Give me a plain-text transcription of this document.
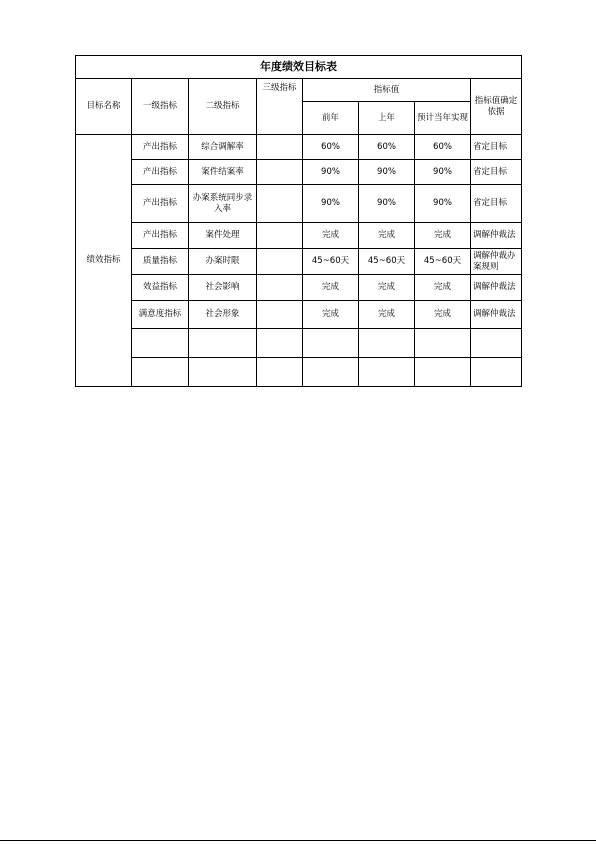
年度绩效目标表							
目标名称	一级指标	二级指标	三级指标	指标值			指标值确定依据
				前年	上年	预计当年实现	
绩效指标	产出指标	综合调解率		60%	60%	60%	省定目标
	产出指标	案件结案率		90%	90%	90%	省定目标
	产出指标	办案系统同步录入率		90%	90%	90%	省定目标
	产出指标	案件处理		完成	完成	完成	调解仲裁法
	质量指标	办案时限		45~60天	45~60天	45~60天	调解仲裁办案规则
	效益指标	社会影响		完成	完成	完成	调解仲裁法
	满意度指标	社会形象		完成	完成	完成	调解仲裁法
